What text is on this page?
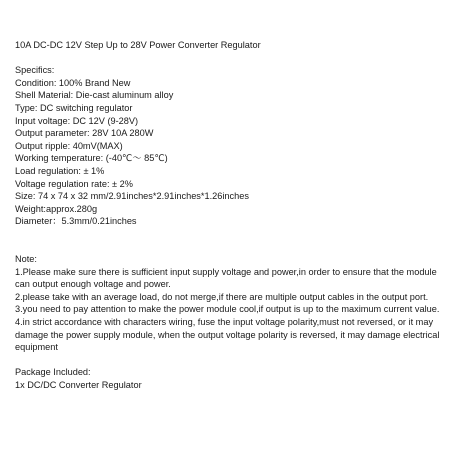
10A DC-DC 12V Step Up to 28V Power Converter Regulator
Specifics:
Condition: 100% Brand New
Shell Material: Die-cast aluminum alloy
Type: DC switching regulator
Input voltage: DC 12V (9-28V)
Output parameter: 28V 10A 280W
Output ripple: 40mV(MAX)
Working temperature: (-40℃～ 85℃)
Load regulation: ± 1%
Voltage regulation rate: ± 2%
Size: 74 x 74 x 32 mm/2.91inches*2.91inches*1.26inches
Weight:approx.280g
Diameter：5.3mm/0.21inches
Note:
1.Please make sure there is sufficient input supply voltage and power,in order to ensure that the module can output enough voltage and power.
2.please take with an average load, do not merge,if there are multiple output cables in the output port.
3.you need to pay attention to make the power module cool,if output is up to the maximum current value.
4.in strict accordance with characters wiring, fuse the input voltage polarity,must not reversed, or it may damage the power supply module, when the output voltage polarity is reversed, it may damage electrical equipment
Package Included:
1x DC/DC Converter Regulator
